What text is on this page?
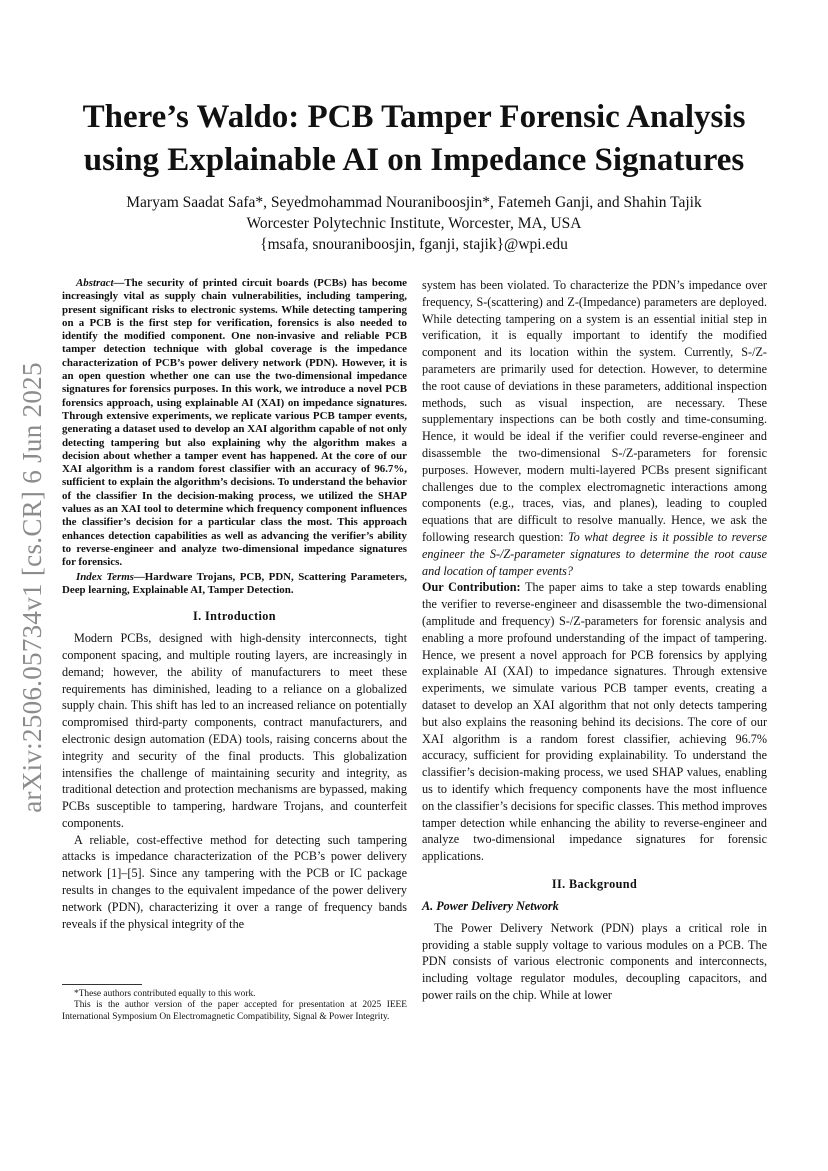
arXiv:2506.05734v1 [cs.CR] 6 Jun 2025
There’s Waldo: PCB Tamper Forensic Analysis
using Explainable AI on Impedance Signatures
Maryam Saadat Safa*, Seyedmohammad Nouraniboosjin*, Fatemeh Ganji, and Shahin Tajik
Worcester Polytechnic Institute, Worcester, MA, USA
{msafa, snouraniboosjin, fganji, stajik}@wpi.edu

Abstract—The security of printed circuit boards (PCBs) has become increasingly vital as supply chain vulnerabilities, including tampering, present significant risks to electronic systems. While detecting tampering on a PCB is the first step for verification, forensics is also needed to identify the modified component. One non-invasive and reliable PCB tamper detection technique with global coverage is the impedance characterization of PCB’s power delivery network (PDN). However, it is an open question whether one can use the two-dimensional impedance signatures for forensics purposes. In this work, we introduce a novel PCB forensics approach, using explainable AI (XAI) on impedance signatures. Through extensive experiments, we replicate various PCB tamper events, generating a dataset used to develop an XAI algorithm capable of not only detecting tampering but also explaining why the algorithm makes a decision about whether a tamper event has happened. At the core of our XAI algorithm is a random forest classifier with an accuracy of 96.7%, sufficient to explain the algorithm’s decisions. To understand the behavior of the classifier In the decision-making process, we utilized the SHAP values as an XAI tool to determine which frequency component influences the classifier’s decision for a particular class the most. This approach enhances detection capabilities as well as advancing the verifier’s ability to reverse-engineer and analyze two-dimensional impedance signatures for forensics.

Index Terms—Hardware Trojans, PCB, PDN, Scattering Parameters, Deep learning, Explainable AI, Tamper Detection.

I. Introduction

Modern PCBs, designed with high-density interconnects, tight component spacing, and multiple routing layers, are increasingly in demand; however, the ability of manufacturers to meet these requirements has diminished, leading to a reliance on a globalized supply chain. This shift has led to an increased reliance on potentially compromised third-party components, contract manufacturers, and electronic design automation (EDA) tools, raising concerns about the integrity and security of the final products. This globalization intensifies the challenge of maintaining security and integrity, as traditional detection and protection mechanisms are bypassed, making PCBs susceptible to tampering, hardware Trojans, and counterfeit components.

A reliable, cost-effective method for detecting such tampering attacks is impedance characterization of the PCB’s power delivery network [1]–[5]. Since any tampering with the PCB or IC package results in changes to the equivalent impedance of the power delivery network (PDN), characterizing it over a range of frequency bands reveals if the physical integrity of the

system has been violated. To characterize the PDN’s impedance over frequency, S-(scattering) and Z-(Impedance) parameters are deployed. While detecting tampering on a system is an essential initial step in verification, it is equally important to identify the modified component and its location within the system. Currently, S-/Z-parameters are primarily used for detection. However, to determine the root cause of deviations in these parameters, additional inspection methods, such as visual inspection, are necessary. These supplementary inspections can be both costly and time-consuming. Hence, it would be ideal if the verifier could reverse-engineer and disassemble the two-dimensional S-/Z-parameters for forensic purposes. However, modern multi-layered PCBs present significant challenges due to the complex electromagnetic interactions among components (e.g., traces, vias, and planes), leading to coupled equations that are difficult to resolve manually. Hence, we ask the following research question: To what degree is it possible to reverse engineer the S-/Z-parameter signatures to determine the root cause and location of tamper events?

Our Contribution: The paper aims to take a step towards enabling the verifier to reverse-engineer and disassemble the two-dimensional (amplitude and frequency) S-/Z-parameters for forensic analysis and enabling a more profound understanding of the impact of tampering. Hence, we present a novel approach for PCB forensics by applying explainable AI (XAI) to impedance signatures. Through extensive experiments, we simulate various PCB tamper events, creating a dataset to develop an XAI algorithm that not only detects tampering but also explains the reasoning behind its decisions. The core of our XAI algorithm is a random forest classifier, achieving 96.7% accuracy, sufficient for providing explainability. To understand the classifier’s decision-making process, we used SHAP values, enabling us to identify which frequency components have the most influence on the classifier’s decisions for specific classes. This method improves tamper detection while enhancing the ability to reverse-engineer and analyze two-dimensional impedance signatures for forensic applications.

II. Background
A. Power Delivery Network

The Power Delivery Network (PDN) plays a critical role in providing a stable supply voltage to various modules on a PCB. The PDN consists of various electronic components and interconnects, including voltage regulator modules, decoupling capacitors, and power rails on the chip. While at lower

*These authors contributed equally to this work.

This is the author version of the paper accepted for presentation at 2025 IEEE International Symposium On Electromagnetic Compatibility, Signal & Power Integrity.
